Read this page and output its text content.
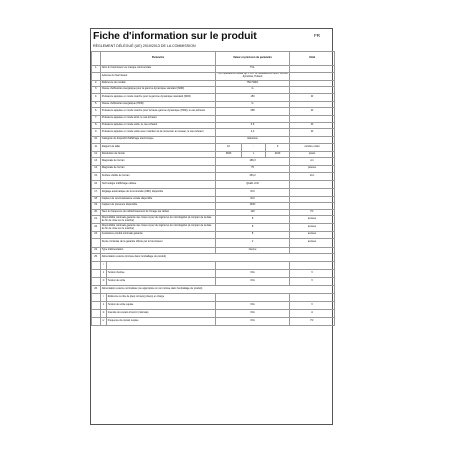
Fiche d'information sur le produit	FR
RÈGLEMENT DÉLÉGUÉ (UE) 2019/2013 DE LA COMMISSION
	Paramètre		Valeur et précision du paramètre			Unité
1.	Nom du fournisseur ou marque commerciale		TCL			
	Adresse du fournisseur		TCL Operations Polska Sp. z o.o. ul. Mickiewicza 31/41, 96-300 Żyrardów, Poland			
2.	Référence du modèle		75C729K1			
3.	Classe d'efficacité énergétique pour la gamme dynamique standard (SDR)		G			
4.	Puissance appelée en mode marche pour la gamme dynamique standard (SDR)		150			W
5.	Classe d'efficacité énergétique (HDR)		G			
6.	Puissance appelée en mode marche pour la haute gamme dynamique (HDR), le cas échéant		258			W
7.	Puissance appelée en mode arrêt, le cas échéant					
8.	Puissance appelée en mode veille, le cas échéant		0,5			W
9.	Puissance appelée en mode veille avec maintien de la connexion au réseau, le cas échéant		2,0			W
10.	Catégorie du dispositif d'affichage électronique		télévision			
11.	Rapport de taille		16	:	9	nombre entier
12.	Résolution de l'écran		3840	x	2160	pixels
13.	Diagonale de l'écran		189,3			cm
14.	Diagonale de l'écran		75			pouces
15.	Surface visible de l'écran		153,2			dm²
16.	Technologie d'affichage utilisée		QLED LCD			
17.	Réglage automatique de la luminosité (ABC) disponible		OUI			
18.	Capteur de reconnaissance vocale disponible		OUI			
19.	Capteur de présence disponible		NON			
20.	Taux du fréquence de rafraîchissement de l'image par défaut		120			Hz
21.	Disponibilité minimale garantie des mises à jour du logiciel et du micrologiciel (à compter de la date de fin de mise sur le marché)		8			années
22.	Disponibilité minimale garantie des mises à jour du logiciel et du micrologiciel (à compter de la date de fin de mise sur le marché)		8			années
23.	Assistance produit minimale garantie		8			années
	Durée minimale de la garantie offerte par le fournisseur		2			années
24.	Type d'alimentation		interne			
25.	Alimentation externe (incluse dans l'emballage du produit)					
	i					
	ii	Tension d'entrée	N/A			V
	iii	Tension de sortie	N/A			V
26.	Alimentation externe normalisée (ou appropriée si non incluse dans l'emballage du produit)					
	i	Référence ou titre de (des) norme(s) prise(s) en charge				
	ii	Tension de sortie requise	N/A			V
	iii	Intensité du courant à fournir (minimale)	N/A			A
	iv	Fréquence du courant requise	N/A			Hz
